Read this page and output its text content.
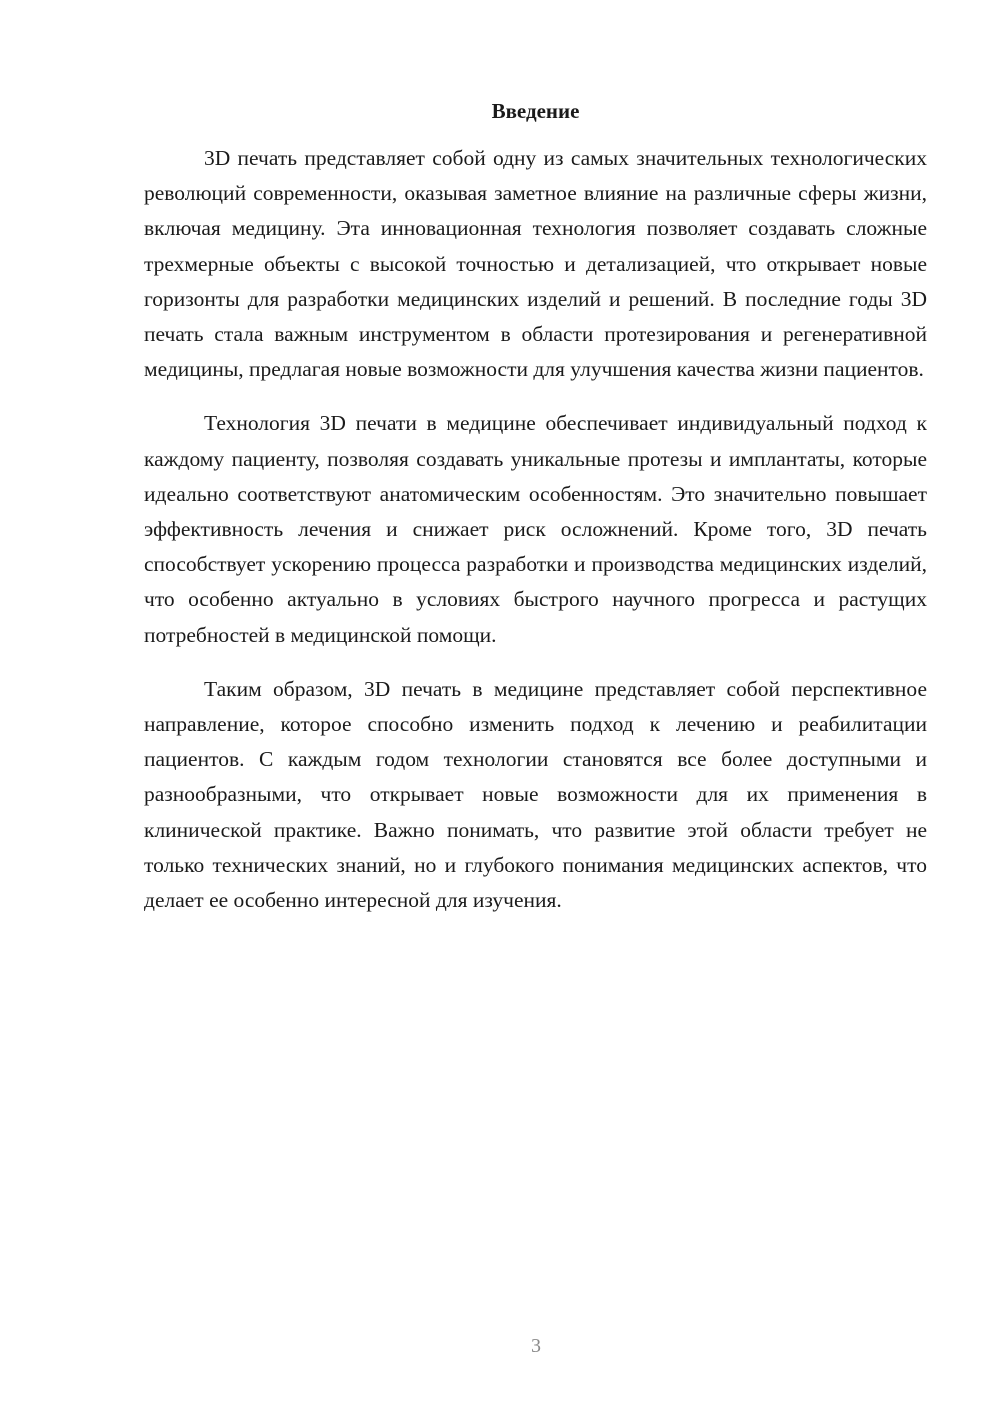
Введение

3D печать представляет собой одну из самых значительных технологических революций современности, оказывая заметное влияние на различные сферы жизни, включая медицину. Эта инновационная технология позволяет создавать сложные трехмерные объекты с высокой точностью и детализацией, что открывает новые горизонты для разработки медицинских изделий и решений. В последние годы 3D печать стала важным инструментом в области протезирования и регенеративной медицины, предлагая новые возможности для улучшения качества жизни пациентов.

Технология 3D печати в медицине обеспечивает индивидуальный подход к каждому пациенту, позволяя создавать уникальные протезы и имплантаты, которые идеально соответствуют анатомическим особенностям. Это значительно повышает эффективность лечения и снижает риск осложнений. Кроме того, 3D печать способствует ускорению процесса разработки и производства медицинских изделий, что особенно актуально в условиях быстрого научного прогресса и растущих потребностей в медицинской помощи.

Таким образом, 3D печать в медицине представляет собой перспективное направление, которое способно изменить подход к лечению и реабилитации пациентов. С каждым годом технологии становятся все более доступными и разнообразными, что открывает новые возможности для их применения в клинической практике. Важно понимать, что развитие этой области требует не только технических знаний, но и глубокого понимания медицинских аспектов, что делает ее особенно интересной для изучения.

3
